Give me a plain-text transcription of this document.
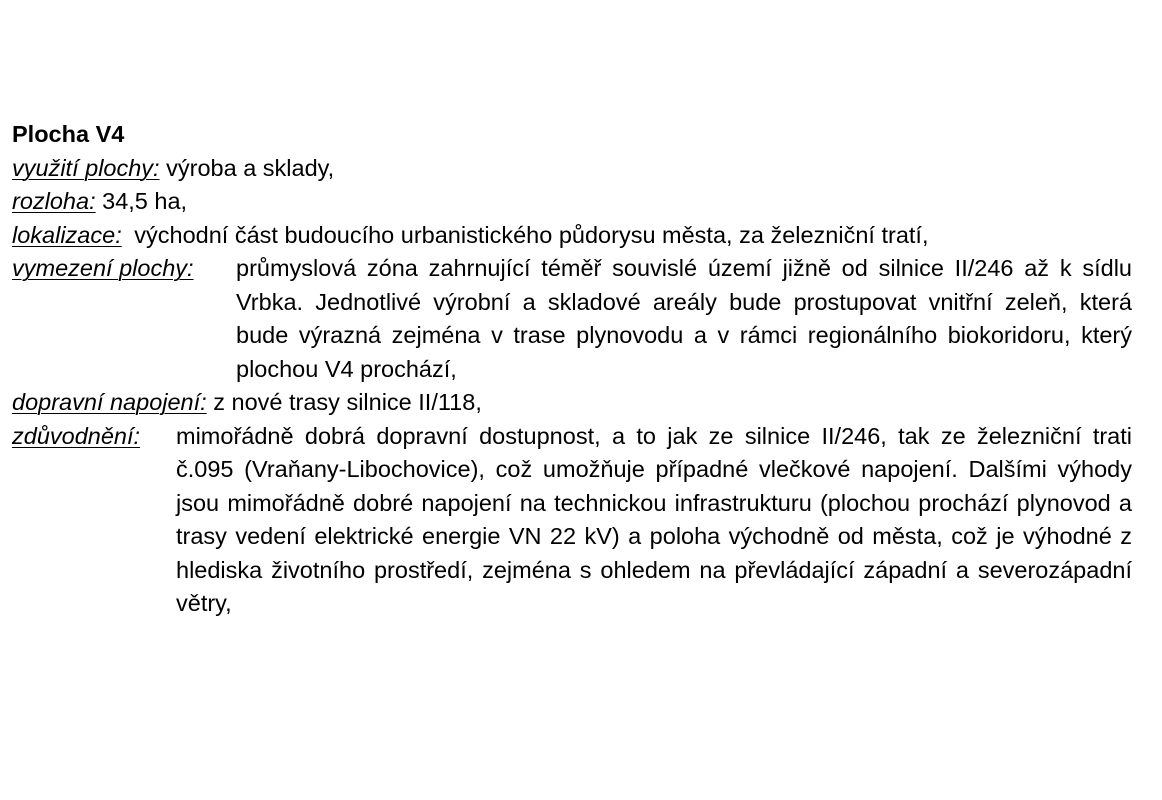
Plocha V4

využití plochy: výroba a sklady,
rozloha: 34,5 ha,
lokalizace: východní část budoucího urbanistického půdorysu města, za železniční tratí,
vymezení plochy: průmyslová zóna zahrnující téměř souvislé území jižně od silnice II/246 až k sídlu Vrbka. Jednotlivé výrobní a skladové areály bude prostupovat vnitřní zeleň, která bude výrazná zejména v trase plynovodu a v rámci regionálního biokoridoru, který plochou V4 prochází,
dopravní napojení: z nové trasy silnice II/118,
zdůvodnění: mimořádně dobrá dopravní dostupnost, a to jak ze silnice II/246, tak ze železniční trati č.095 (Vraňany-Libochovice), což umožňuje případné vlečkové napojení. Dalšími výhody jsou mimořádně dobré napojení na technickou infrastrukturu (plochou prochází plynovod a trasy vedení elektrické energie VN 22 kV) a poloha východně od města, což je výhodné z hlediska životního prostředí, zejména s ohledem na převládající západní a severozápadní větry,
